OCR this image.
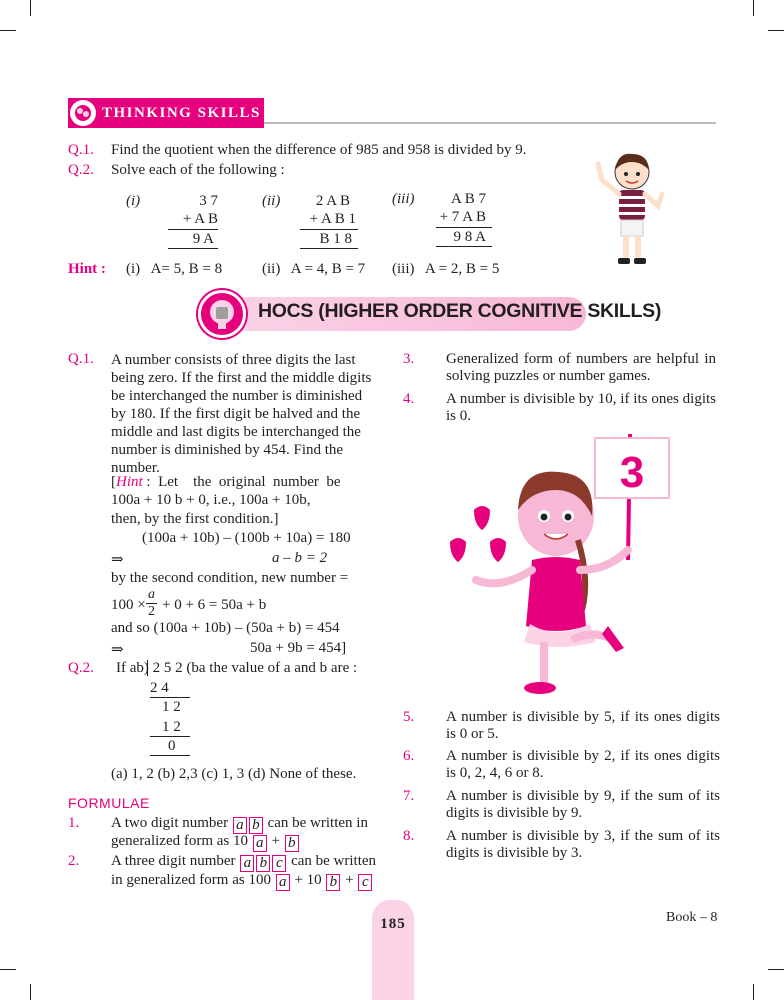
THINKING SKILLS
Q.1. Find the quotient when the difference of 985 and 958 is divided by 9.
Q.2. Solve each of the following :
(i)	3 7
+ A B
9 A
(ii)	2 A B
+ A B 1
B 1 8
(iii)	A B 7
+ 7 A B
9 8 A
Hint : (i)   A= 5, B = 8	(ii)   A = 4, B = 7 (iii)   A = 2, B = 5
HOCS (HIGHER ORDER COGNITIVE SKILLS)
Q.1. A number consists of three digits the last
being zero. If the first and the middle digits
be interchanged the number is diminished
by 180. If the first digit be halved and the
middle and last digits be interchanged the
number is diminished by 454. Find the
number.
[Hint :  Let    the  original  number  be
100a + 10 b + 0, i.e., 100a + 10b,
then, by the first condition.]
(100a + 10b) – (100b + 10a) = 180
⇒	a – b = 2
by the second condition, new number =
100 ×
a
2 + 0 + 6 = 50a + b
and so (100a + 10b) – (50a + b) = 454
⇒	50a + 9b = 454]
Q.2. If ab) 2 5 2 (ba the value of a and b are :
2 4
1 2
1 2
0
(a) 1, 2 (b) 2,3 (c) 1, 3 (d) None of these.
FORMULAE
1. A two digit number a b can be written in
generalized form as 10 a + b
2. A three digit number a b c can be written
in generalized form as 100 a + 10 b + c
3. Generalized form of numbers are helpful in solving puzzles or number games.
4. A number is divisible by 10, if its ones digits is 0.
3
5. A number is divisible by 5, if its ones digits is 0 or 5.
6. A number is divisible by 2, if its ones digits is 0, 2, 4, 6 or 8.
7. A number is divisible by 9, if the sum of its digits is divisible by 9.
8. A number is divisible by 3, if the sum of its digits is divisible by 3.
185	Book – 8
